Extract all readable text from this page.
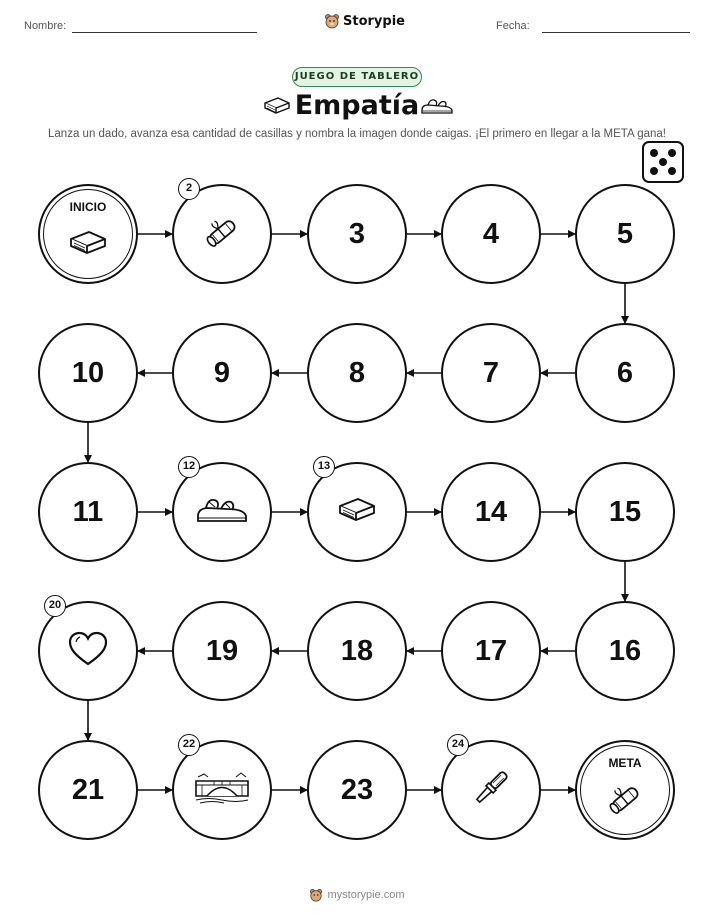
Nombre:	Storypie	Fecha:
JUEGO DE TABLERO
Empatía
Lanza un dado, avanza esa cantidad de casillas y nombra la imagen donde caigas. ¡El primero en llegar a la META gana!
INICIO
2
3	4	5
6
7
8
9
10
11
12	13
14	15
16
17
18
19
20
21
22
23
24
META
mystorypie.com
